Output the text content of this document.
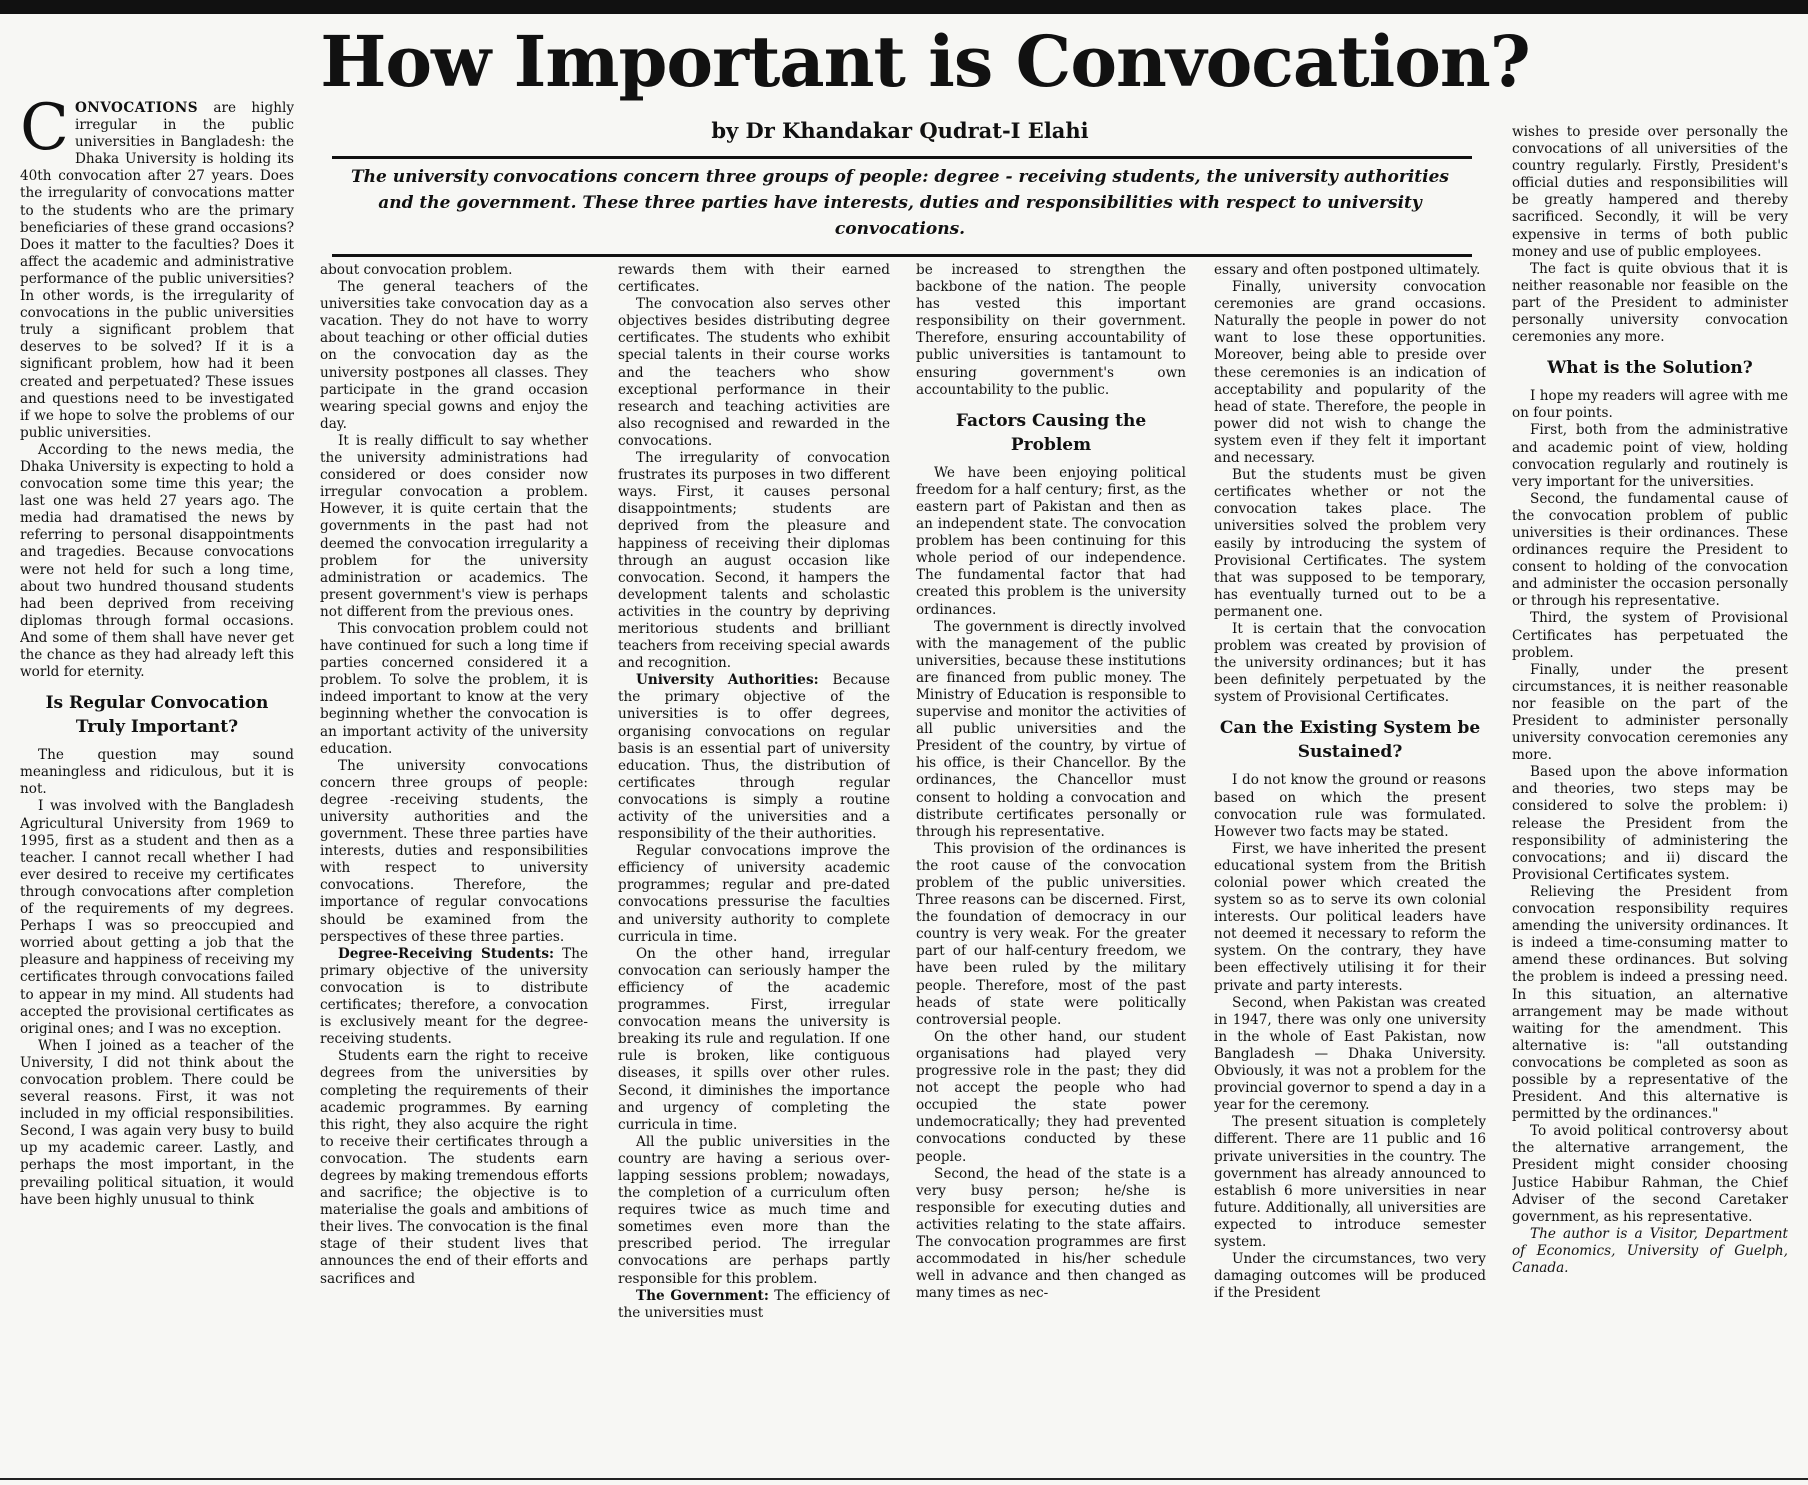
How Important is Convocation?
by Dr Khandakar Qudrat-I Elahi
The university convocations concern three groups of people: degree - receiving students, the university authorities and the government. These three parties have interests, duties and responsibilities with respect to university convocations.

CONVOCATIONS are highly irregular in the public universities in Bangladesh: the Dhaka University is holding its 40th convocation after 27 years. Does the irregularity of convocations matter to the students who are the primary beneficiaries of these grand occasions? Does it matter to the faculties? Does it affect the academic and administrative performance of the public universities? In other words, is the irregularity of convocations in the public universities truly a significant problem that deserves to be solved? If it is a significant problem, how had it been created and perpetuated? These issues and questions need to be investigated if we hope to solve the problems of our public universities.

According to the news media, the Dhaka University is expecting to hold a convocation some time this year; the last one was held 27 years ago. The media had dramatised the news by referring to personal disappointments and tragedies. Because convocations were not held for such a long time, about two hundred thousand students had been deprived from receiving diplomas through formal occasions. And some of them shall have never get the chance as they had already left this world for eternity.

Is Regular Convocation Truly Important?

The question may sound meaningless and ridiculous, but it is not.

I was involved with the Bangladesh Agricultural University from 1969 to 1995, first as a student and then as a teacher. I cannot recall whether I had ever desired to receive my certificates through convocations after completion of the requirements of my degrees. Perhaps I was so preoccupied and worried about getting a job that the pleasure and happiness of receiving my certificates through convocations failed to appear in my mind. All students had accepted the provisional certificates as original ones; and I was no exception.

When I joined as a teacher of the University, I did not think about the convocation problem. There could be several reasons. First, it was not included in my official responsibilities. Second, I was again very busy to build up my academic career. Lastly, and perhaps the most important, in the prevailing political situation, it would have been highly unusual to think

about convocation problem.

The general teachers of the universities take convocation day as a vacation. They do not have to worry about teaching or other official duties on the convocation day as the university postpones all classes. They participate in the grand occasion wearing special gowns and enjoy the day.

It is really difficult to say whether the university administrations had considered or does consider now irregular convocation a problem. However, it is quite certain that the governments in the past had not deemed the convocation irregularity a problem for the university administration or academics. The present government's view is perhaps not different from the previous ones.

This convocation problem could not have continued for such a long time if parties concerned considered it a problem. To solve the problem, it is indeed important to know at the very beginning whether the convocation is an important activity of the university education.

The university convocations concern three groups of people: degree -receiving students, the university authorities and the government. These three parties have interests, duties and responsibilities with respect to university convocations. Therefore, the importance of regular convocations should be examined from the perspectives of these three parties.

Degree-Receiving Students: The primary objective of the university convocation is to distribute certificates; therefore, a convocation is exclusively meant for the degree-receiving students.

Students earn the right to receive degrees from the universities by completing the requirements of their academic programmes. By earning this right, they also acquire the right to receive their certificates through a convocation. The students earn degrees by making tremendous efforts and sacrifice; the objective is to materialise the goals and ambitions of their lives. The convocation is the final stage of their student lives that announces the end of their efforts and sacrifices and

rewards them with their earned certificates.

The convocation also serves other objectives besides distributing degree certificates. The students who exhibit special talents in their course works and the teachers who show exceptional performance in their research and teaching activities are also recognised and rewarded in the convocations.

The irregularity of convocation frustrates its purposes in two different ways. First, it causes personal disappointments; students are deprived from the pleasure and happiness of receiving their diplomas through an august occasion like convocation. Second, it hampers the development talents and scholastic activities in the country by depriving meritorious students and brilliant teachers from receiving special awards and recognition.

University Authorities: Because the primary objective of the universities is to offer degrees, organising convocations on regular basis is an essential part of university education. Thus, the distribution of certificates through regular convocations is simply a routine activity of the universities and a responsibility of the their authorities.

Regular convocations improve the efficiency of university academic programmes; regular and pre-dated convocations pressurise the faculties and university authority to complete curricula in time.

On the other hand, irregular convocation can seriously hamper the efficiency of the academic programmes. First, irregular convocation means the university is breaking its rule and regulation. If one rule is broken, like contiguous diseases, it spills over other rules. Second, it diminishes the importance and urgency of completing the curricula in time.

All the public universities in the country are having a serious over-lapping sessions problem; nowadays, the completion of a curriculum often requires twice as much time and sometimes even more than the prescribed period. The irregular convocations are perhaps partly responsible for this problem.

The Government: The efficiency of the universities must

be increased to strengthen the backbone of the nation. The people has vested this important responsibility on their government. Therefore, ensuring accountability of public universities is tantamount to ensuring government's own accountability to the public.

Factors Causing the Problem

We have been enjoying political freedom for a half century; first, as the eastern part of Pakistan and then as an independent state. The convocation problem has been continuing for this whole period of our independence. The fundamental factor that had created this problem is the university ordinances.

The government is directly involved with the management of the public universities, because these institutions are financed from public money. The Ministry of Education is responsible to supervise and monitor the activities of all public universities and the President of the country, by virtue of his office, is their Chancellor. By the ordinances, the Chancellor must consent to holding a convocation and distribute certificates personally or through his representative.

This provision of the ordinances is the root cause of the convocation problem of the public universities. Three reasons can be discerned. First, the foundation of democracy in our country is very weak. For the greater part of our half-century freedom, we have been ruled by the military people. Therefore, most of the past heads of state were politically controversial people.

On the other hand, our student organisations had played very progressive role in the past; they did not accept the people who had occupied the state power undemocratically; they had prevented convocations conducted by these people.

Second, the head of the state is a very busy person; he/she is responsible for executing duties and activities relating to the state affairs. The convocation programmes are first accommodated in his/her schedule well in advance and then changed as many times as nec-

essary and often postponed ultimately.

Finally, university convocation ceremonies are grand occasions. Naturally the people in power do not want to lose these opportunities. Moreover, being able to preside over these ceremonies is an indication of acceptability and popularity of the head of state. Therefore, the people in power did not wish to change the system even if they felt it important and necessary.

But the students must be given certificates whether or not the convocation takes place. The universities solved the problem very easily by introducing the system of Provisional Certificates. The system that was supposed to be temporary, has eventually turned out to be a permanent one.

It is certain that the convocation problem was created by provision of the university ordinances; but it has been definitely perpetuated by the system of Provisional Certificates.

Can the Existing System be Sustained?

I do not know the ground or reasons based on which the present convocation rule was formulated. However two facts may be stated.

First, we have inherited the present educational system from the British colonial power which created the system so as to serve its own colonial interests. Our political leaders have not deemed it necessary to reform the system. On the contrary, they have been effectively utilising it for their private and party interests.

Second, when Pakistan was created in 1947, there was only one university in the whole of East Pakistan, now Bangladesh — Dhaka University. Obviously, it was not a problem for the provincial governor to spend a day in a year for the ceremony.

The present situation is completely different. There are 11 public and 16 private universities in the country. The government has already announced to establish 6 more universities in near future. Additionally, all universities are expected to introduce semester system.

Under the circumstances, two very damaging outcomes will be produced if the President

wishes to preside over personally the convocations of all universities of the country regularly. Firstly, President's official duties and responsibilities will be greatly hampered and thereby sacrificed. Secondly, it will be very expensive in terms of both public money and use of public employees.

The fact is quite obvious that it is neither reasonable nor feasible on the part of the President to administer personally university convocation ceremonies any more.

What is the Solution?

I hope my readers will agree with me on four points.

First, both from the administrative and academic point of view, holding convocation regularly and routinely is very important for the universities.

Second, the fundamental cause of the convocation problem of public universities is their ordinances. These ordinances require the President to consent to holding of the convocation and administer the occasion personally or through his representative.

Third, the system of Provisional Certificates has perpetuated the problem.

Finally, under the present circumstances, it is neither reasonable nor feasible on the part of the President to administer personally university convocation ceremonies any more.

Based upon the above information and theories, two steps may be considered to solve the problem: i) release the President from the responsibility of administering the convocations; and ii) discard the Provisional Certificates system.

Relieving the President from convocation responsibility requires amending the university ordinances. It is indeed a time-consuming matter to amend these ordinances. But solving the problem is indeed a pressing need. In this situation, an alternative arrangement may be made without waiting for the amendment. This alternative is: "all outstanding convocations be completed as soon as possible by a representative of the President. And this alternative is permitted by the ordinances."

To avoid political controversy about the alternative arrangement, the President might consider choosing Justice Habibur Rahman, the Chief Adviser of the second Caretaker government, as his representative.

The author is a Visitor, Department of Economics, University of Guelph, Canada.
